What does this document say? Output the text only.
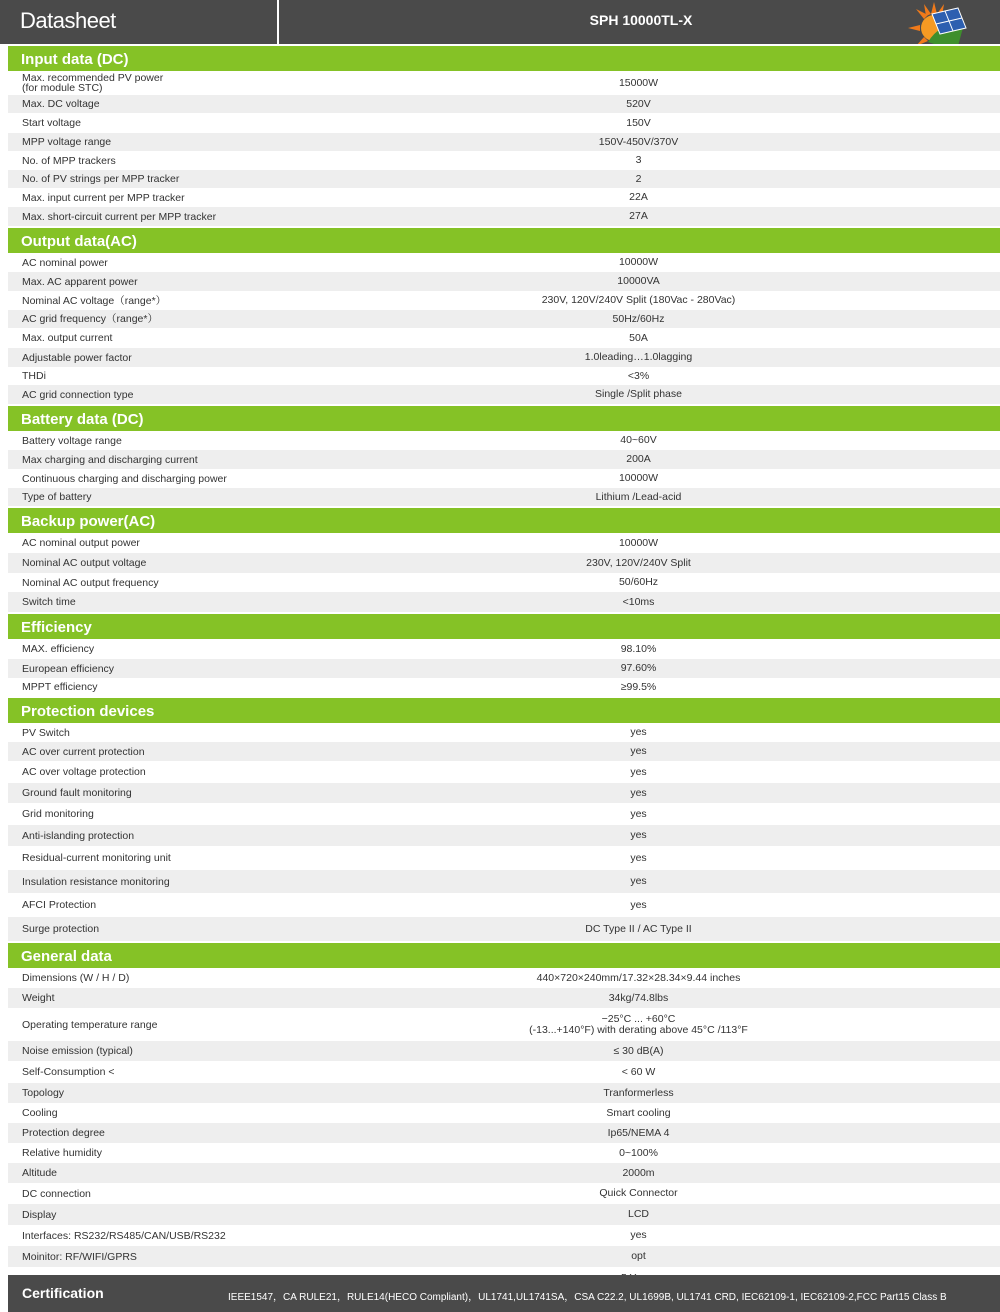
Datasheet	SPH 10000TL-X
Input data (DC)
Max. recommended PV power
(for module STC)	15000W
Max. DC voltage	520V
Start voltage	150V
MPP voltage range	150V-450V/370V
No. of MPP trackers	3
No. of PV strings per MPP tracker	2
Max. input current per MPP tracker	22A
Max. short-circuit current per MPP tracker	27A
Output data(AC)
AC nominal power	10000W
Max. AC apparent power	10000VA
Nominal AC voltage（range*）	230V, 120V/240V Split (180Vac - 280Vac)
AC grid frequency（range*）	50Hz/60Hz
Max. output current	50A
Adjustable power factor	1.0leading…1.0lagging
THDi	<3%
AC grid connection type	Single /Split phase
Battery data (DC)
Battery voltage range	40~60V
Max charging and discharging current	200A
Continuous charging and discharging power	10000W
Type of battery	Lithium /Lead-acid
Backup power(AC)
AC nominal output power	10000W
Nominal AC output voltage	230V, 120V/240V Split
Nominal AC output frequency	50/60Hz
Switch time	<10ms
Efficiency
MAX. efficiency	98.10%
European efficiency	97.60%
MPPT efficiency	≥99.5%
Protection devices
PV Switch	yes
AC over current protection	yes
AC over voltage protection	yes
Ground fault monitoring	yes
Grid monitoring	yes
Anti-islanding protection	yes
Residual-current monitoring unit	yes
Insulation resistance monitoring	yes
AFCI Protection	yes
Surge protection	DC Type II / AC Type II
General data
Dimensions (W / H / D)	440×720×240mm/17.32×28.34×9.44 inches
Weight	34kg/74.8lbs
Operating temperature range	−25°C ... +60°C
(-13...+140°F) with derating above 45°C /113°F
Noise emission (typical)	≤ 30 dB(A)
Self-Consumption <	< 60 W
Topology	Tranformerless
Cooling	Smart cooling
Protection degree	Ip65/NEMA 4
Relative humidity	0~100%
Altitude	2000m
DC connection	Quick Connector
Display	LCD
Interfaces: RS232/RS485/CAN/USB/RS232	yes
Moinitor: RF/WIFI/GPRS	opt
Certification	IEEE1547，CA RULE21，RULE14(HECO Compliant)，UL1741,UL1741SA，CSA C22.2, UL1699B, UL1741 CRD, IEC62109-1, IEC62109-2,FCC Part15 Class B
